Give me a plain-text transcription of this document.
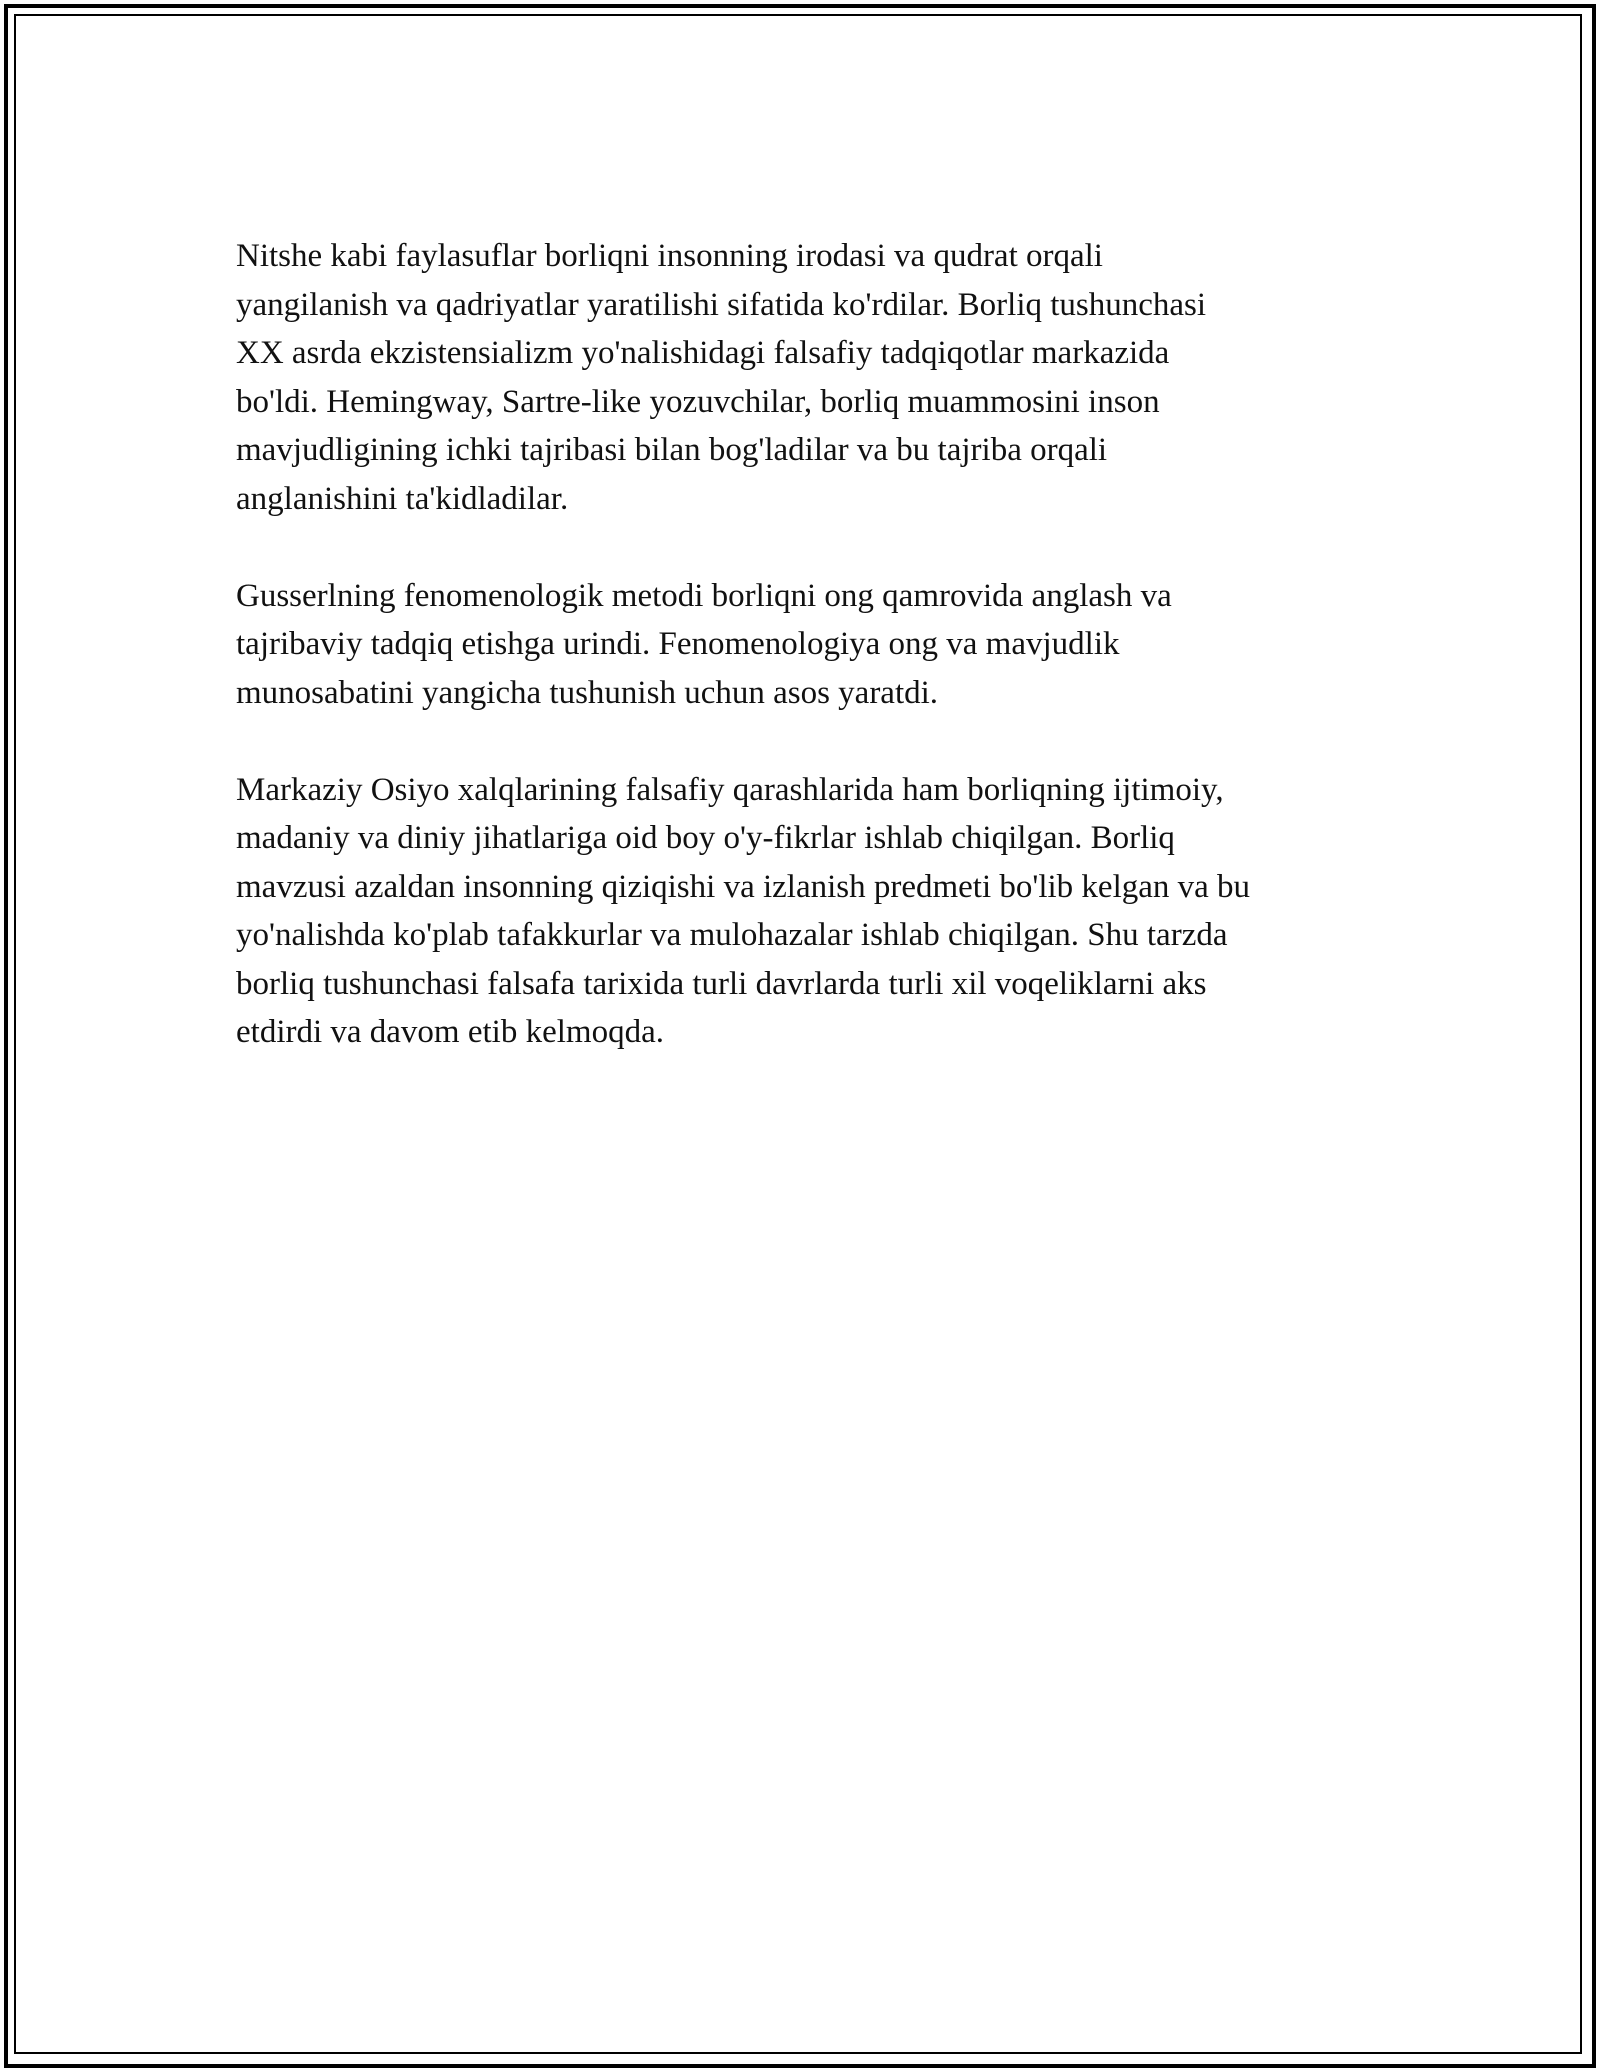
Nitshe kabi faylasuflar borliqni insonning irodasi va qudrat orqali
yangilanish va qadriyatlar yaratilishi sifatida ko'rdilar. Borliq tushunchasi
XX asrda ekzistensializm yo'nalishidagi falsafiy tadqiqotlar markazida
bo'ldi. Hemingway, Sartre-like yozuvchilar, borliq muammosini inson
mavjudligining ichki tajribasi bilan bog'ladilar va bu tajriba orqali
anglanishini ta'kidladilar.

Gusserlning fenomenologik metodi borliqni ong qamrovida anglash va
tajribaviy tadqiq etishga urindi. Fenomenologiya ong va mavjudlik
munosabatini yangicha tushunish uchun asos yaratdi.

Markaziy Osiyo xalqlarining falsafiy qarashlarida ham borliqning ijtimoiy,
madaniy va diniy jihatlariga oid boy o'y-fikrlar ishlab chiqilgan. Borliq
mavzusi azaldan insonning qiziqishi va izlanish predmeti bo'lib kelgan va bu
yo'nalishda ko'plab tafakkurlar va mulohazalar ishlab chiqilgan. Shu tarzda
borliq tushunchasi falsafa tarixida turli davrlarda turli xil voqeliklarni aks
etdirdi va davom etib kelmoqda.
